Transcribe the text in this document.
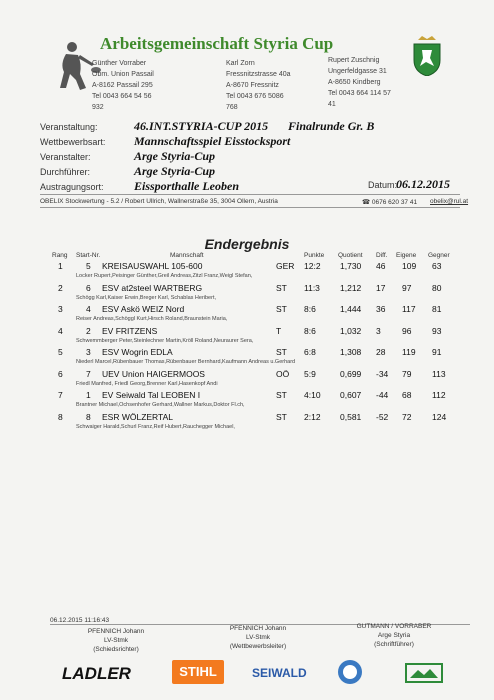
Arbeitsgemeinschaft Styria Cup
Günther Vorraber
Obm. Union Passail
A-8162 Passail 295
Tel 0043 664 54 56
932
Karl Zorn
Fressnitzstrasse 40a
A-8670 Fressnitz
Tel 0043 676 5086
768
Rupert Zuschnig
Ungerfeldgasse 31
A-8650 Kindberg
Tel 0043 664 114 57
41
Veranstaltung:	46.INT.STYRIA-CUP 2015 Finalrunde Gr. B
Wettbewerbsart: Mannschaftsspiel Eisstocksport
Veranstalter:	Arge Styria-Cup
Durchführer:	Arge Styria-Cup
Austragungsort:	Eissporthalle Leoben	Datum:
06.12.2015
OBELIX Stockwertung - 5.2 / Robert Ullrich, Wallnerstraße 35, 3004 Ollern, Austria	☎ 0676 620 37 41 obelix@rul.at
Endergebnis
Rang Start-Nr.	Mannschaft	Punkte Quotient Diff. Eigene Gegner
1	5 KREISAUSWAHL 105-600	GER 12:2 1,730 46 109 63
Locker Rupert,Peisinger Günther,Greil Andreas,Zitzl Franz,Weigl Stefan,
2	6 ESV at2steel WARTBERG	ST 11:3 1,212 17 97 80
Schögg Karl,Kaiser Erwin,Breger Karl, Schablas Heribert,
3	4 ESV Askö WEIZ Nord	ST 8:6	1,444 36 117 81
Reiser Andreas,Schöggl Kurt,Hirsch Roland,Braunstein Maria,
4	2 EV FRITZENS	T	8:6	1,032 3	96 93
Schwemmberger Peter,Steinlechner Martin,Kröll Roland,Neuraurer Sera,
5	3 ESV Wogrin EDLA	ST 6:8	1,308 28 119 91
Niederl Marcel,Rübenbauer Thomas,Rübenbauer Bernhard,Kaufmann Andreas u.Gerhard
6	7 UEV Union HAIGERMOOS	OÖ 5:9	0,699 -34 79 113
Friedl Manfred, Friedl Georg,Brenner Karl,Hasenkopf Andi
7	1 EV Seiwald Tal LEOBEN I	ST 4:10 0,607 -44 68 112
Brantner Michael,Ochsenhofer Gerhard,Wallner Markus,Doktor Fl.ch,
8	8 ESR WÖLZERTAL	ST 2:12 0,581 -52 72 124
Schwaiger Harald,Schurl Franz,Reif Hubert,Rauchegger Michael,
06.12.2015 11:16:43
PFENNICH Johann
LV-Stmk
(Schiedsrichter)
PFENNICH Johann
LV-Stmk
(Wettbewerbsleiter)
GUTMANN / VORRABER
Arge Styria
(Schriftführer)
LADLER	STIHL	SEIWALD
